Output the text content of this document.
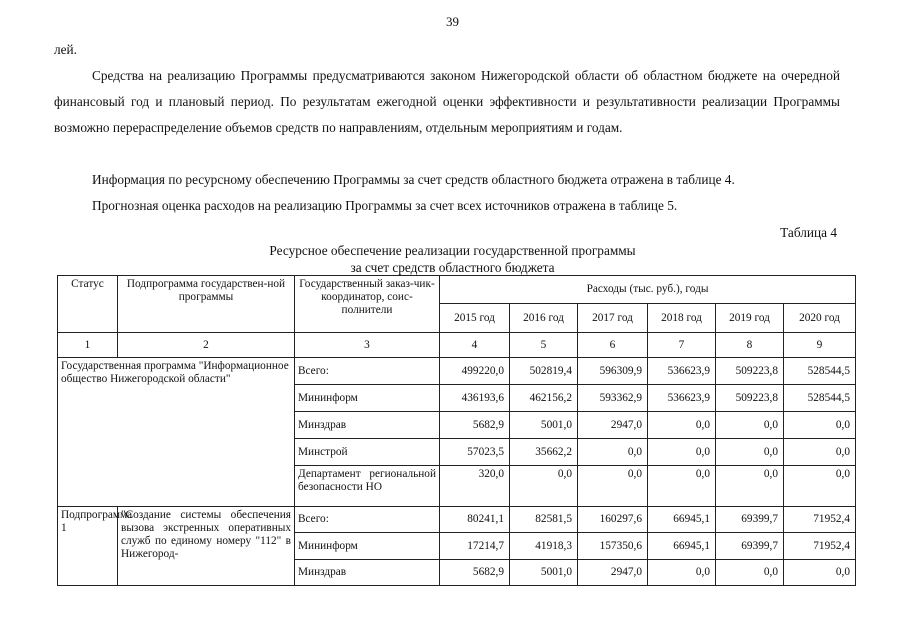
39
лей.
Средства на реализацию Программы предусматриваются законом Нижегородской области об областном бюджете на очередной финансовый год и плановый период. По результатам ежегодной оценки эффективности и результативности реализации Программы возможно перераспределение объемов средств по направлениям, отдельным мероприятиям и годам.
Информация по ресурсному обеспечению Программы за счет средств областного бюджета отражена в таблице 4.
Прогнозная оценка расходов на реализацию Программы за счет всех источников отражена в таблице 5.
Таблица 4
Ресурсное обеспечение реализации государственной программы
за счет средств областного бюджета
Статус	Подпрограмма государствен-ной программы	Государственный заказ-чик-координатор, соис-полнители	Расходы (тыс. руб.), годы					
			2015 год	2016 год	2017 год	2018 год	2019 год	2020 год
1	2	3	4	5	6	7	8	9
Государственная программа "Информационное общество Нижегородской области"		Всего:	499220,0	502819,4	596309,9	536623,9	509223,8	528544,5
		Мининформ	436193,6	462156,2	593362,9	536623,9	509223,8	528544,5
		Минздрав	5682,9	5001,0	2947,0	0,0	0,0	0,0
		Минстрой	57023,5	35662,2	0,0	0,0	0,0	0,0
		Департамент региональной безопасности НО	320,0	0,0	0,0	0,0	0,0	0,0
Подпрограмма 1	"Создание системы обеспечения вызова экстренных оперативных служб по единому номеру "112" в Нижегород-	Всего:	80241,1	82581,5	160297,6	66945,1	69399,7	71952,4
		Мининформ	17214,7	41918,3	157350,6	66945,1	69399,7	71952,4
		Минздрав	5682,9	5001,0	2947,0	0,0	0,0	0,0
